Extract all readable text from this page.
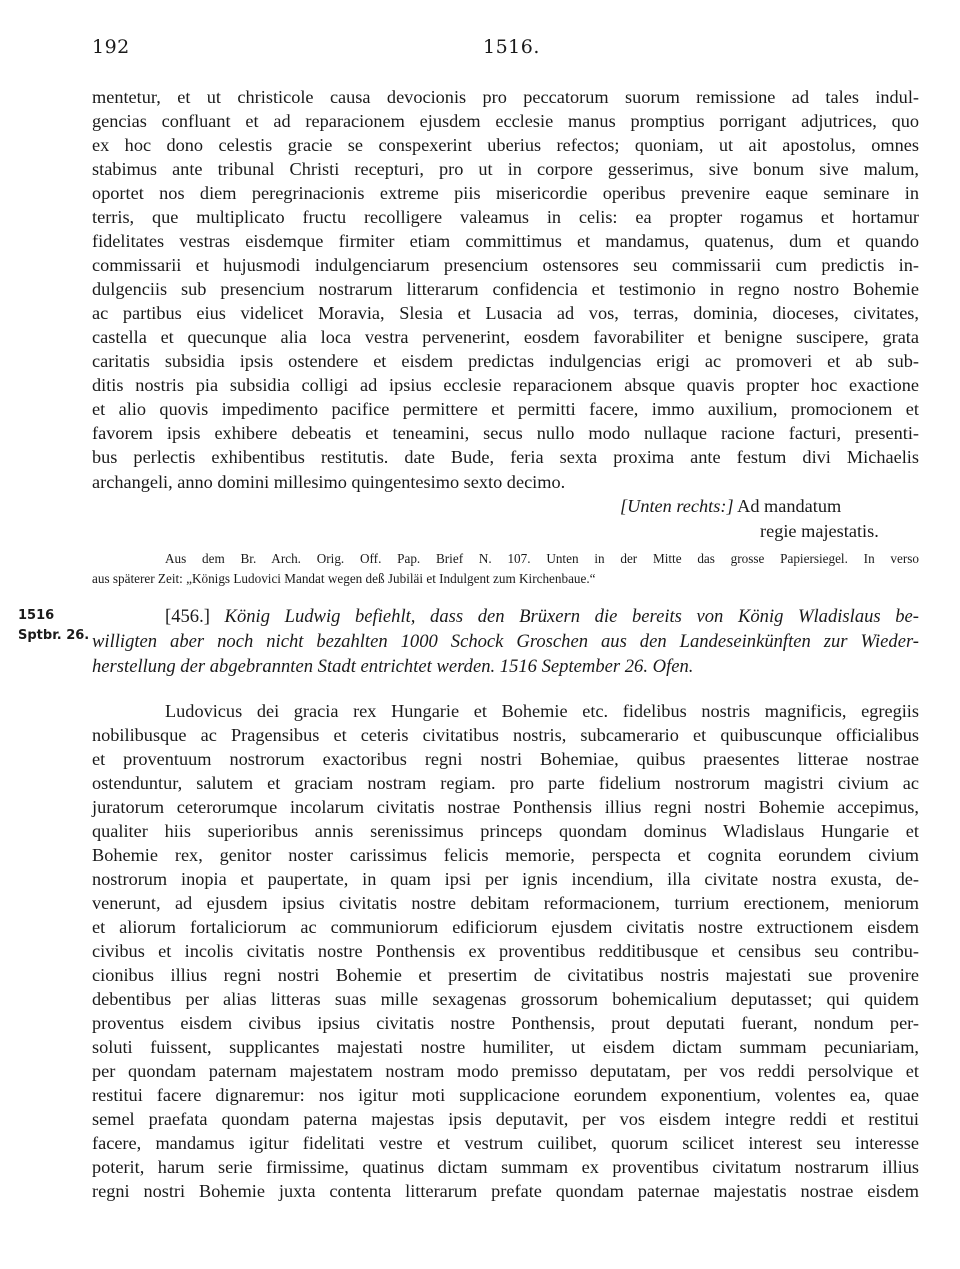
192	1516.
mentetur, et ut christicole causa devocionis pro peccatorum suorum remissione ad tales indul-
gencias confluant et ad reparacionem ejusdem ecclesie manus promptius porrigant adjutrices, quo
ex hoc dono celestis gracie se conspexerint uberius refectos; quoniam, ut ait apostolus, omnes
stabimus ante tribunal Christi recepturi, pro ut in corpore gesserimus, sive bonum sive malum,
oportet nos diem peregrinacionis extreme piis misericordie operibus prevenire eaque seminare in
terris, que multiplicato fructu recolligere valeamus in celis: ea propter rogamus et hortamur
fidelitates vestras eisdemque firmiter etiam committimus et mandamus, quatenus, dum et quando
commissarii et hujusmodi indulgenciarum presencium ostensores seu commissarii cum predictis in-
dulgenciis sub presencium nostrarum litterarum confidencia et testimonio in regno nostro Bohemie
ac partibus eius videlicet Moravia, Slesia et Lusacia ad vos, terras, dominia, dioceses, civitates,
castella et quecunque alia loca vestra pervenerint, eosdem favorabiliter et benigne suscipere, grata
caritatis subsidia ipsis ostendere et eisdem predictas indulgencias erigi ac promoveri et ab sub-
ditis nostris pia subsidia colligi ad ipsius ecclesie reparacionem absque quavis propter hoc exactione
et alio quovis impedimento pacifice permittere et permitti facere, immo auxilium, promocionem et
favorem ipsis exhibere debeatis et teneamini, secus nullo modo nullaque racione facturi, presenti-
bus perlectis exhibentibus restitutis. date Bude, feria sexta proxima ante festum divi Michaelis
archangeli, anno domini millesimo quingentesimo sexto decimo.
[Unten rechts:] Ad mandatum
regie majestatis.
Aus dem Br. Arch. Orig. Off. Pap. Brief N. 107. Unten in der Mitte das grosse Papiersiegel. In verso
aus späterer Zeit: „Königs Ludovici Mandat wegen deß Jubiläi et Indulgent zum Kirchenbaue.“
1516
Sptbr. 26.
[456.] König Ludwig befiehlt, dass den Brüxern die bereits von König Wladislaus be-
willigten aber noch nicht bezahlten 1000 Schock Groschen aus den Landeseinkünften zur Wieder-
herstellung der abgebrannten Stadt entrichtet werden. 1516 September 26. Ofen.
Ludovicus dei gracia rex Hungarie et Bohemie etc. fidelibus nostris magnificis, egregiis
nobilibusque ac Pragensibus et ceteris civitatibus nostris, subcamerario et quibuscunque officialibus
et proventuum nostrorum exactoribus regni nostri Bohemiae, quibus praesentes litterae nostrae
ostenduntur, salutem et graciam nostram regiam. pro parte fidelium nostrorum magistri civium ac
juratorum ceterorumque incolarum civitatis nostrae Ponthensis illius regni nostri Bohemie accepimus,
qualiter hiis superioribus annis serenissimus princeps quondam dominus Wladislaus Hungarie et
Bohemie rex, genitor noster carissimus felicis memorie, perspecta et cognita eorundem civium
nostrorum inopia et paupertate, in quam ipsi per ignis incendium, illa civitate nostra exusta, de-
venerunt, ad ejusdem ipsius civitatis nostre debitam reformacionem, turrium erectionem, meniorum
et aliorum fortaliciorum ac communiorum edificiorum ejusdem civitatis nostre extructionem eisdem
civibus et incolis civitatis nostre Ponthensis ex proventibus redditibusque et censibus seu contribu-
cionibus illius regni nostri Bohemie et presertim de civitatibus nostris majestati sue provenire
debentibus per alias litteras suas mille sexagenas grossorum bohemicalium deputasset; qui quidem
proventus eisdem civibus ipsius civitatis nostre Ponthensis, prout deputati fuerant, nondum per-
soluti fuissent, supplicantes majestati nostre humiliter, ut eisdem dictam summam pecuniariam,
per quondam paternam majestatem nostram modo premisso deputatam, per vos reddi persolvique et
restitui facere dignaremur: nos igitur moti supplicacione eorundem exponentium, volentes ea, quae
semel praefata quondam paterna majestas ipsis deputavit, per vos eisdem integre reddi et restitui
facere, mandamus igitur fidelitati vestre et vestrum cuilibet, quorum scilicet interest seu interesse
poterit, harum serie firmissime, quatinus dictam summam ex proventibus civitatum nostrarum illius
regni nostri Bohemie juxta contenta litterarum prefate quondam paternae majestatis nostrae eisdem
